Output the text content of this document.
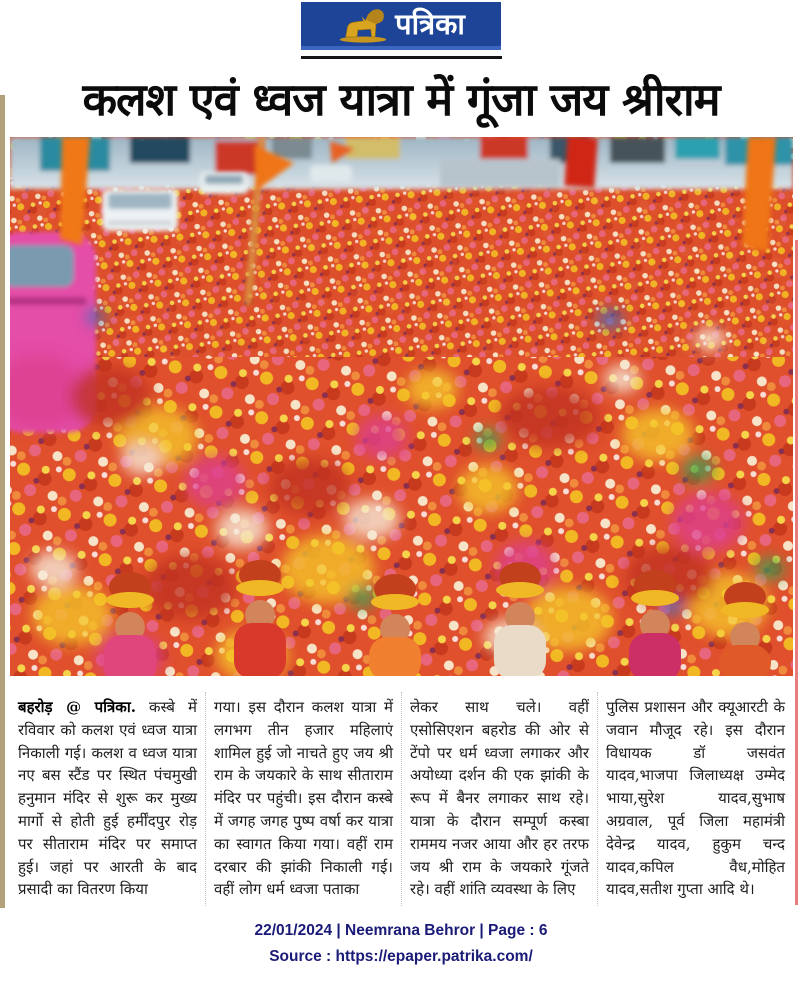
पत्रिका
कलश एवं ध्वज यात्रा में गूंजा जय श्रीराम
बहरोड़ @ पत्रिका. कस्बे में रविवार को कलश एवं ध्वज यात्रा निकाली गई। कलश व ध्वज यात्रा नए बस स्टैंड पर स्थित पंचमुखी हनुमान मंदिर से शुरू कर मुख्य मार्गो से होती हुई हर्मींदपुर रोड़ पर सीताराम मंदिर पर समाप्त हुई। जहां पर आरती के बाद प्रसादी का वितरण किया
गया। इस दौरान कलश यात्रा में लगभग तीन हजार महिलाएं शामिल हुई जो नाचते हुए जय श्री राम के जयकारे के साथ सीताराम मंदिर पर पहुंची। इस दौरान कस्बे में जगह जगह पुष्प वर्षा कर यात्रा का स्वागत किया गया। वहीं राम दरबार की झांकी निकाली गई। वहीं लोग धर्म ध्वजा पताका
लेकर साथ चले। वहीं एसोसिएशन बहरोड की ओर से टेंपो पर धर्म ध्वजा लगाकर और अयोध्या दर्शन की एक झांकी के रूप में बैनर लगाकर साथ रहे। यात्रा के दौरान सम्पूर्ण कस्बा राममय नजर आया और हर तरफ जय श्री राम के जयकारे गूंजते रहे। वहीं शांति व्यवस्था के लिए
पुलिस प्रशासन और क्यूआरटी के जवान मौजूद रहे। इस दौरान विधायक डॉ जसवंत यादव,भाजपा जिलाध्यक्ष उम्मेद भाया,सुरेश यादव,सुभाष अग्रवाल, पूर्व जिला महामंत्री देवेन्द्र यादव, हुकुम चन्द यादव,कपिल वैध,मोहित यादव,सतीश गुप्ता आदि थे।
22/01/2024 | Neemrana Behror | Page : 6
Source : https://epaper.patrika.com/
